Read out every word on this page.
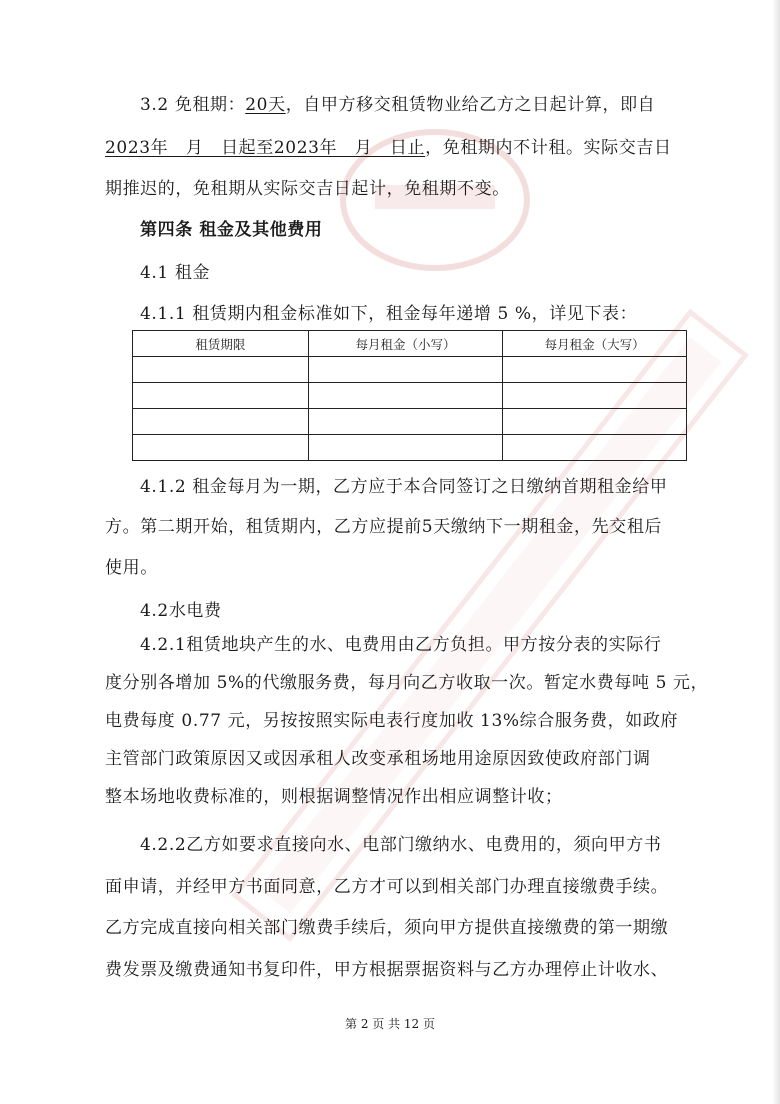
3.2 免租期：20天，自甲方移交租赁物业给乙方之日起计算，即自
2023年　月　日起至2023年　月　日止，免租期内不计租。实际交吉日
期推迟的，免租期从实际交吉日起计，免租期不变。
第四条 租金及其他费用
4.1 租金
4.1.1 租赁期内租金标准如下，租金每年递增 5 %，详见下表：
租赁期限	每月租金（小写）	每月租金（大写）

4.1.2 租金每月为一期，乙方应于本合同签订之日缴纳首期租金给甲
方。第二期开始，租赁期内，乙方应提前5天缴纳下一期租金，先交租后
使用。
4.2水电费
4.2.1租赁地块产生的水、电费用由乙方负担。甲方按分表的实际行
度分别各增加 5%的代缴服务费，每月向乙方收取一次。暂定水费每吨 5 元，
电费每度 0.77 元，另按按照实际电表行度加收 13%综合服务费，如政府
主管部门政策原因又或因承租人改变承租场地用途原因致使政府部门调
整本场地收费标准的，则根据调整情况作出相应调整计收；
4.2.2乙方如要求直接向水、电部门缴纳水、电费用的，须向甲方书
面申请，并经甲方书面同意，乙方才可以到相关部门办理直接缴费手续。
乙方完成直接向相关部门缴费手续后，须向甲方提供直接缴费的第一期缴
费发票及缴费通知书复印件，甲方根据票据资料与乙方办理停止计收水、
第 2 页 共 12 页
